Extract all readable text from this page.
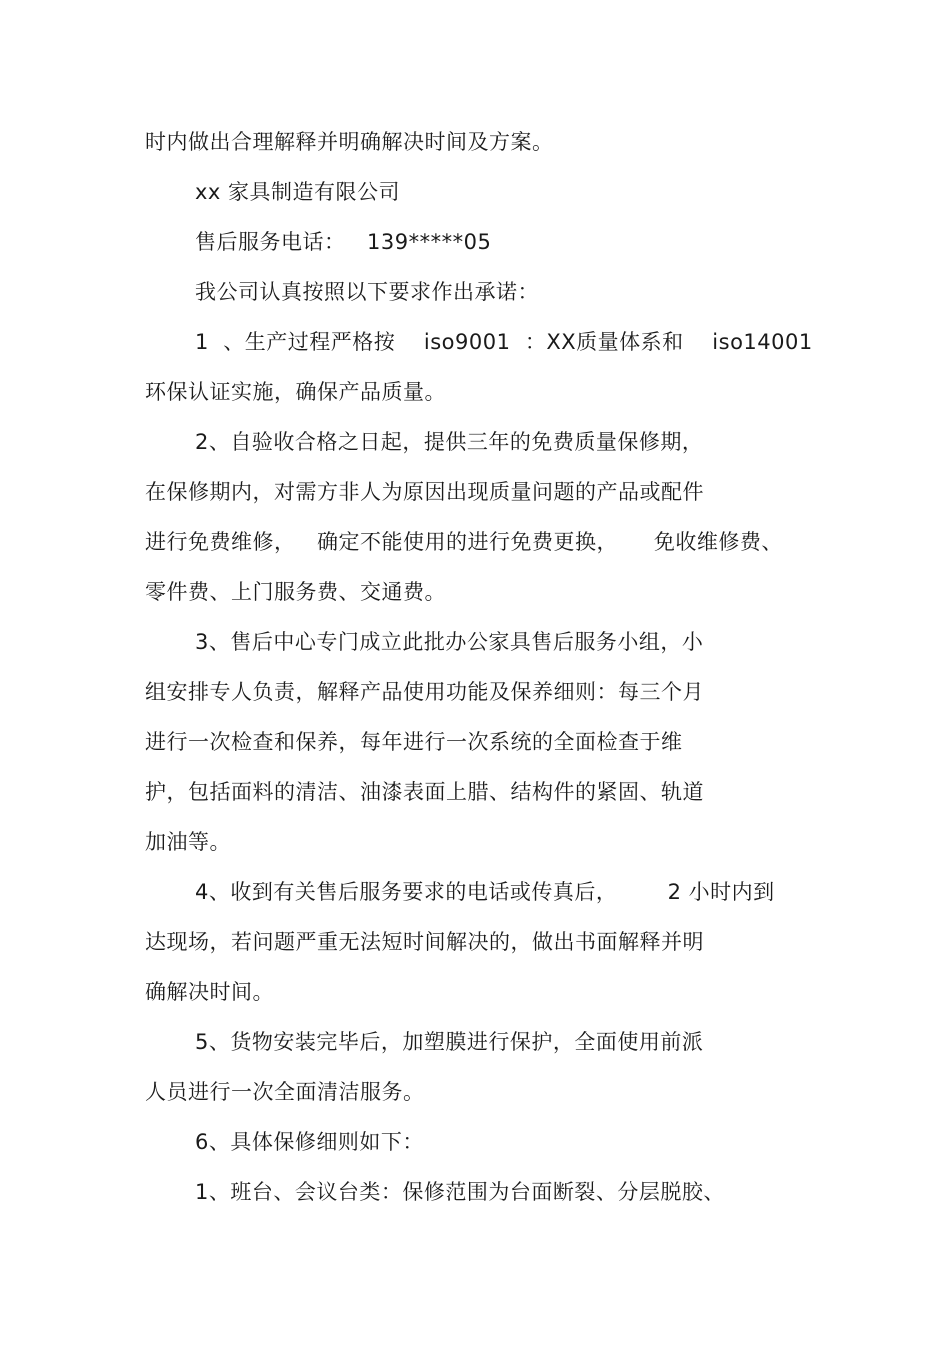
时内做出合理解释并明确解决时间及方案。
xx 家具制造有限公司
售后服务电话：   139*****05
我公司认真按照以下要求作出承诺：
1  、生产过程严格按    iso9001  ：XX质量体系和    iso14001
环保认证实施，确保产品质量。
2、自验收合格之日起，提供三年的免费质量保修期，
在保修期内，对需方非人为原因出现质量问题的产品或配件
进行免费维修，   确定不能使用的进行免费更换，     免收维修费、
零件费、上门服务费、交通费。
3、售后中心专门成立此批办公家具售后服务小组，小
组安排专人负责，解释产品使用功能及保养细则：每三个月
进行一次检查和保养，每年进行一次系统的全面检查于维
护，包括面料的清洁、油漆表面上腊、结构件的紧固、轨道
加油等。
4、收到有关售后服务要求的电话或传真后，       2 小时内到
达现场，若问题严重无法短时间解决的，做出书面解释并明
确解决时间。
5、货物安装完毕后，加塑膜进行保护，全面使用前派
人员进行一次全面清洁服务。
6、具体保修细则如下：
1、班台、会议台类：保修范围为台面断裂、分层脱胶、
